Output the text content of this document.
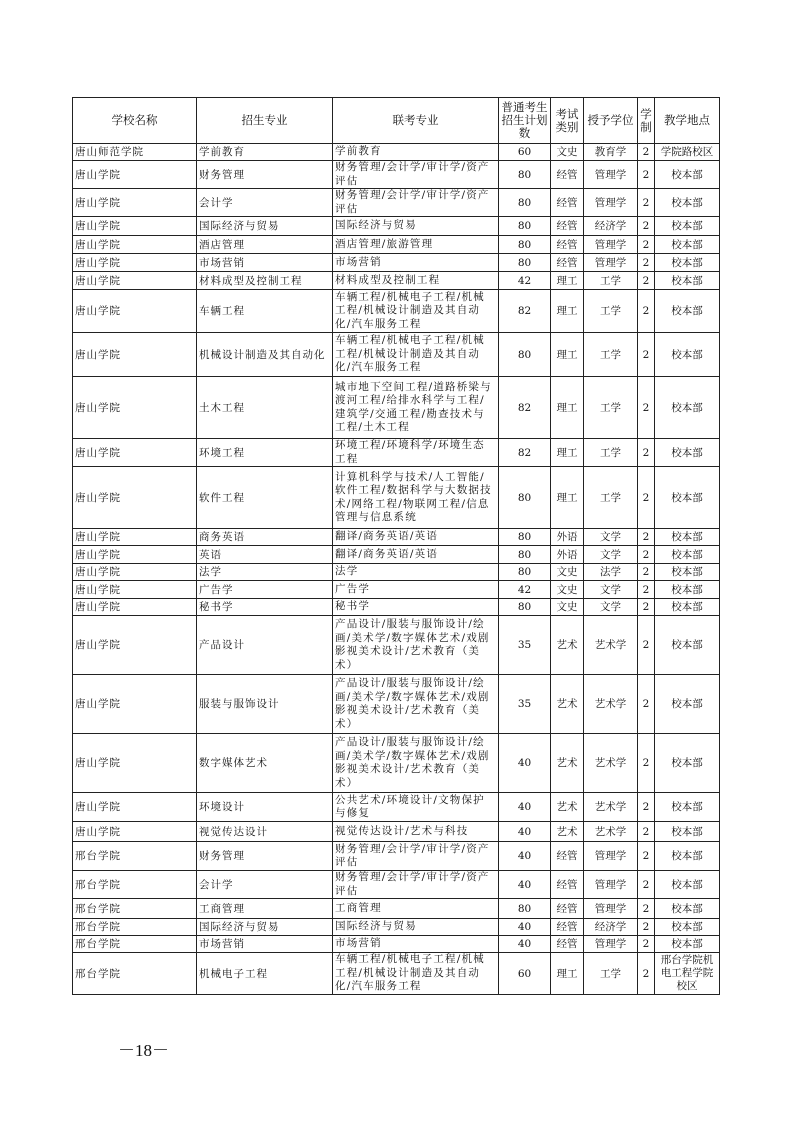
学校名称	招生专业	联考专业	普通考生招生计划数	考试类别	授予学位	学制	教学地点
唐山师范学院	学前教育	学前教育	60	文史	教育学	2	学院路校区
唐山学院	财务管理	财务管理/会计学/审计学/资产评估	80	经管	管理学	2	校本部
唐山学院	会计学	财务管理/会计学/审计学/资产评估	80	经管	管理学	2	校本部
唐山学院	国际经济与贸易	国际经济与贸易	80	经管	经济学	2	校本部
唐山学院	酒店管理	酒店管理/旅游管理	80	经管	管理学	2	校本部
唐山学院	市场营销	市场营销	80	经管	管理学	2	校本部
唐山学院	材料成型及控制工程	材料成型及控制工程	42	理工	工学	2	校本部
唐山学院	车辆工程	车辆工程/机械电子工程/机械工程/机械设计制造及其自动化/汽车服务工程	82	理工	工学	2	校本部
唐山学院	机械设计制造及其自动化	车辆工程/机械电子工程/机械工程/机械设计制造及其自动化/汽车服务工程	80	理工	工学	2	校本部
唐山学院	土木工程	城市地下空间工程/道路桥梁与渡河工程/给排水科学与工程/建筑学/交通工程/勘查技术与工程/土木工程	82	理工	工学	2	校本部
唐山学院	环境工程	环境工程/环境科学/环境生态工程	82	理工	工学	2	校本部
唐山学院	软件工程	计算机科学与技术/人工智能/软件工程/数据科学与大数据技术/网络工程/物联网工程/信息管理与信息系统	80	理工	工学	2	校本部
唐山学院	商务英语	翻译/商务英语/英语	80	外语	文学	2	校本部
唐山学院	英语	翻译/商务英语/英语	80	外语	文学	2	校本部
唐山学院	法学	法学	80	文史	法学	2	校本部
唐山学院	广告学	广告学	42	文史	文学	2	校本部
唐山学院	秘书学	秘书学	80	文史	文学	2	校本部
唐山学院	产品设计	产品设计/服装与服饰设计/绘画/美术学/数字媒体艺术/戏剧影视美术设计/艺术教育（美术）	35	艺术	艺术学	2	校本部
唐山学院	服装与服饰设计	产品设计/服装与服饰设计/绘画/美术学/数字媒体艺术/戏剧影视美术设计/艺术教育（美术）	35	艺术	艺术学	2	校本部
唐山学院	数字媒体艺术	产品设计/服装与服饰设计/绘画/美术学/数字媒体艺术/戏剧影视美术设计/艺术教育（美术）	40	艺术	艺术学	2	校本部
唐山学院	环境设计	公共艺术/环境设计/文物保护与修复	40	艺术	艺术学	2	校本部
唐山学院	视觉传达设计	视觉传达设计/艺术与科技	40	艺术	艺术学	2	校本部
邢台学院	财务管理	财务管理/会计学/审计学/资产评估	40	经管	管理学	2	校本部
邢台学院	会计学	财务管理/会计学/审计学/资产评估	40	经管	管理学	2	校本部
邢台学院	工商管理	工商管理	80	经管	管理学	2	校本部
邢台学院	国际经济与贸易	国际经济与贸易	40	经管	经济学	2	校本部
邢台学院	市场营销	市场营销	40	经管	管理学	2	校本部
邢台学院	机械电子工程	车辆工程/机械电子工程/机械工程/机械设计制造及其自动化/汽车服务工程	60	理工	工学	2	邢台学院机电工程学院校区
－18－
